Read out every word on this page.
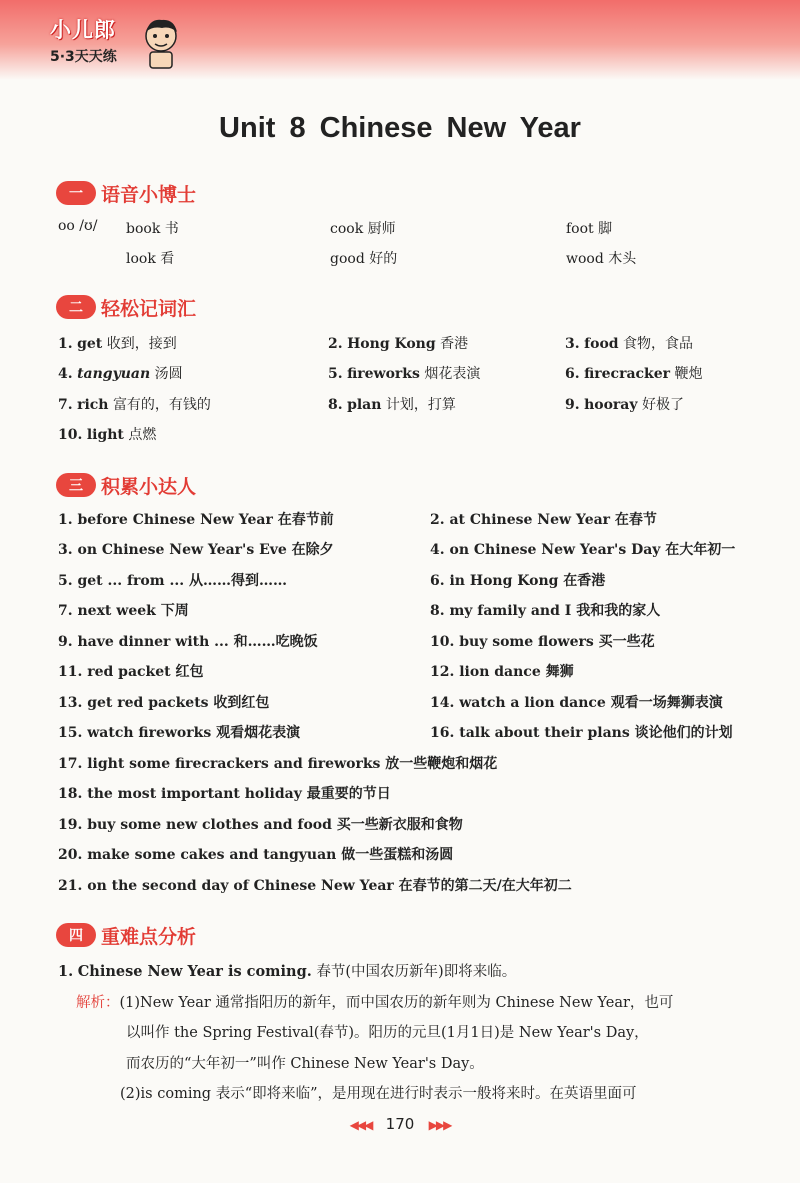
小儿郎
5·3天天练
Unit 8 Chinese New Year
一 语音小博士
oo /ʊ/ book 书	cook 厨师	foot 脚
look 看	good 好的	wood 木头
二 轻松记词汇
1. get 收到，接到	2. Hong Kong 香港	3. food 食物，食品
4. tangyuan 汤圆	5. fireworks 烟花表演	6. firecracker 鞭炮
7. rich 富有的，有钱的	8. plan 计划，打算	9. hooray 好极了
10. light 点燃
三 积累小达人
1. before Chinese New Year 在春节前	2. at Chinese New Year 在春节
3. on Chinese New Year's Eve 在除夕	4. on Chinese New Year's Day 在大年初一
5. get ... from ... 从……得到……	6. in Hong Kong 在香港
7. next week 下周	8. my family and I 我和我的家人
9. have dinner with ... 和……吃晚饭	10. buy some flowers 买一些花
11. red packet 红包	12. lion dance 舞狮
13. get red packets 收到红包	14. watch a lion dance 观看一场舞狮表演
15. watch fireworks 观看烟花表演	16. talk about their plans 谈论他们的计划
17. light some firecrackers and fireworks 放一些鞭炮和烟花
18. the most important holiday 最重要的节日
19. buy some new clothes and food 买一些新衣服和食物
20. make some cakes and tangyuan 做一些蛋糕和汤圆
21. on the second day of Chinese New Year 在春节的第二天/在大年初二
四 重难点分析
1. Chinese New Year is coming. 春节(中国农历新年)即将来临。
解析：(1)New Year 通常指阳历的新年，而中国农历的新年则为 Chinese New Year，也可
以叫作 the Spring Festival(春节)。阳历的元旦(1月1日)是 New Year's Day，
而农历的“大年初一”叫作 Chinese New Year's Day。
(2)is coming 表示“即将来临”，是用现在进行时表示一般将来时。在英语里面可
◀◀◀ 170 ▶▶▶
